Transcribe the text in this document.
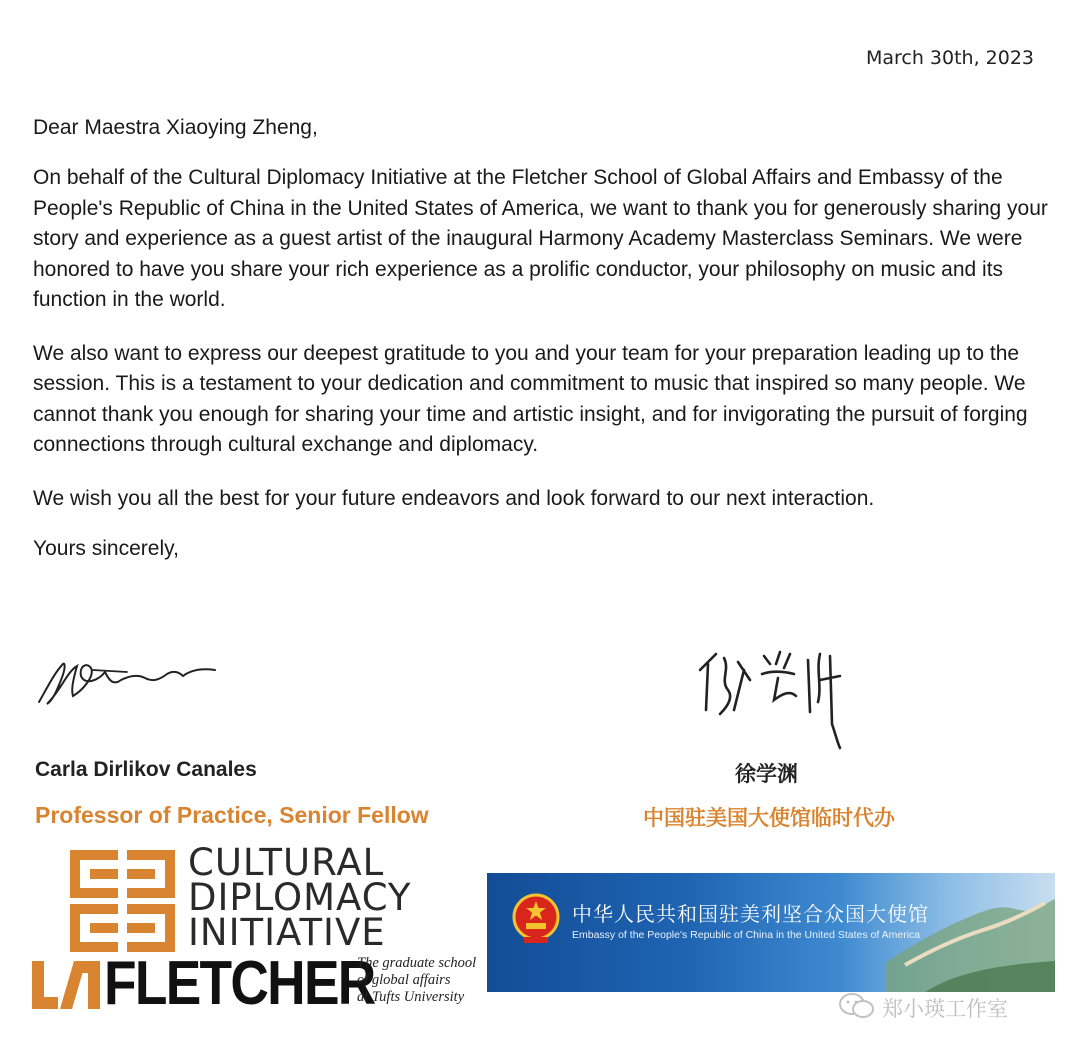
March 30th, 2023

Dear Maestra Xiaoying Zheng,

On behalf of the Cultural Diplomacy Initiative at the Fletcher School of Global Affairs and Embassy of the People's Republic of China in the United States of America, we want to thank you for generously sharing your story and experience as a guest artist of the inaugural Harmony Academy Masterclass Seminars. We were honored to have you share your rich experience as a prolific conductor, your philosophy on music and its function in the world.

We also want to express our deepest gratitude to you and your team for your preparation leading up to the session. This is a testament to your dedication and commitment to music that inspired so many people. We cannot thank you enough for sharing your time and artistic insight, and for invigorating the pursuit of forging connections through cultural exchange and diplomacy.

We wish you all the best for your future endeavors and look forward to our next interaction.

Yours sincerely,

Carla Dirlikov Canales
Professor of Practice, Senior Fellow
徐学渊
中国驻美国大使馆临时代办
CULTURAL
DIPLOMACY
INITIATIVE
FLETCHER
The graduate school
of global affairs
at Tufts University
中华人民共和国驻美利坚合众国大使馆
Embassy of the People's Republic of China in the United States of America
郑小瑛工作室
